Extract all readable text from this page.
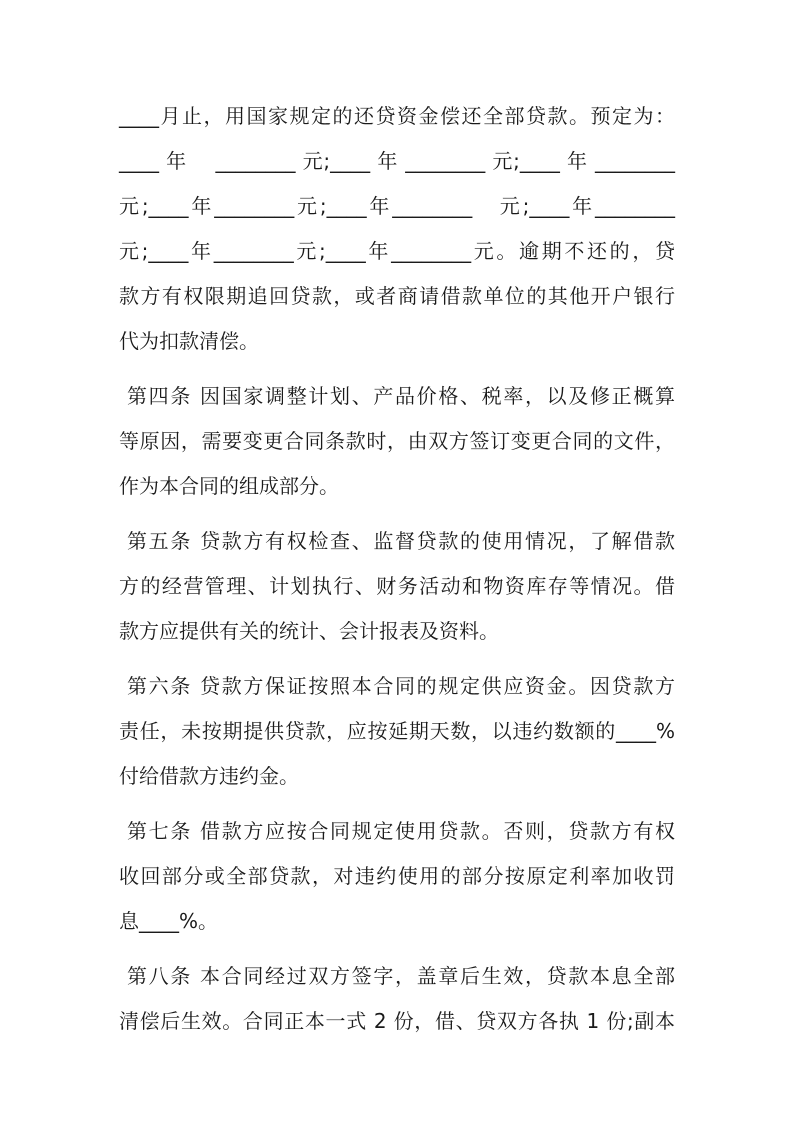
____月止，用国家规定的还贷资金偿还全部贷款。预定为：
____ 年    ________ 元;____ 年 ________ 元;____ 年 ________
元;____年________元;____年________   元;____年________
元;____年________元;____年________元。逾期不还的，贷
款方有权限期追回贷款，或者商请借款单位的其他开户银行
代为扣款清偿。
第四条 因国家调整计划、产品价格、税率，以及修正概算
等原因，需要变更合同条款时，由双方签订变更合同的文件，
作为本合同的组成部分。
第五条 贷款方有权检查、监督贷款的使用情况，了解借款
方的经营管理、计划执行、财务活动和物资库存等情况。借
款方应提供有关的统计、会计报表及资料。
第六条 贷款方保证按照本合同的规定供应资金。因贷款方
责任，未按期提供贷款，应按延期天数，以违约数额的____%
付给借款方违约金。
第七条 借款方应按合同规定使用贷款。否则，贷款方有权
收回部分或全部贷款，对违约使用的部分按原定利率加收罚
息____%。
第八条 本合同经过双方签字，盖章后生效，贷款本息全部
清偿后生效。合同正本一式 2 份，借、贷双方各执 1 份;副本
